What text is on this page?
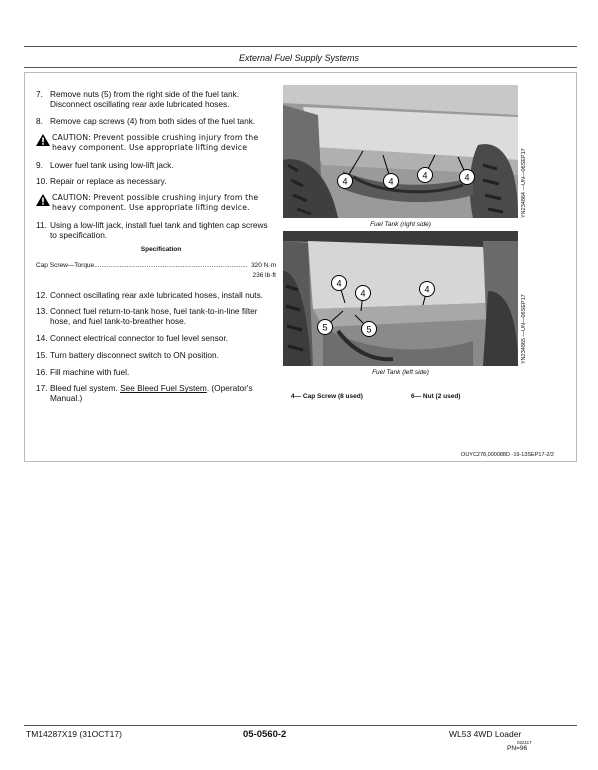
External Fuel Supply Systems
7. Remove nuts (5) from the right side of the fuel tank. Disconnect oscillating rear axle lubricated hoses.
8. Remove cap screws (4) from both sides of the fuel tank.
CAUTION: Prevent possible crushing injury from the heavy component. Use appropriate lifting device
9. Lower fuel tank using low-lift jack.
10. Repair or replace as necessary.
CAUTION: Prevent possible crushing injury from the heavy component. Use appropriate lifting device.
11. Using a low-lift jack, install fuel tank and tighten cap screws to specification.
Specification
Cap Screw—Torque..................................................................................... 320 N·m
236 lb·ft
12. Connect oscillating rear axle lubricated hoses, install nuts.
13. Connect fuel return-to-tank hose, fuel tank-to-in-line filter hose, and fuel tank-to-breather hose.
14. Connect electrical connector to fuel level sensor.
15. Turn battery disconnect switch to ON position.
16. Fill machine with fuel.
17. Bleed fuel system. See Bleed Fuel System. (Operator's Manual.)
4	4
4	4
Fuel Tank (right side)
YN234864 —UN—06SEP17
4
4	4
5	5
Fuel Tank (left side)
YN234865 —UN—06SEP17
4— Cap Screw (8 used)	6— Nut (2 used)
OUYC278,000088D -19-13SEP17-2/2
TM14287X19 (31OCT17)	05-0560-2	WL53 4WD Loader
022117
PN=96
